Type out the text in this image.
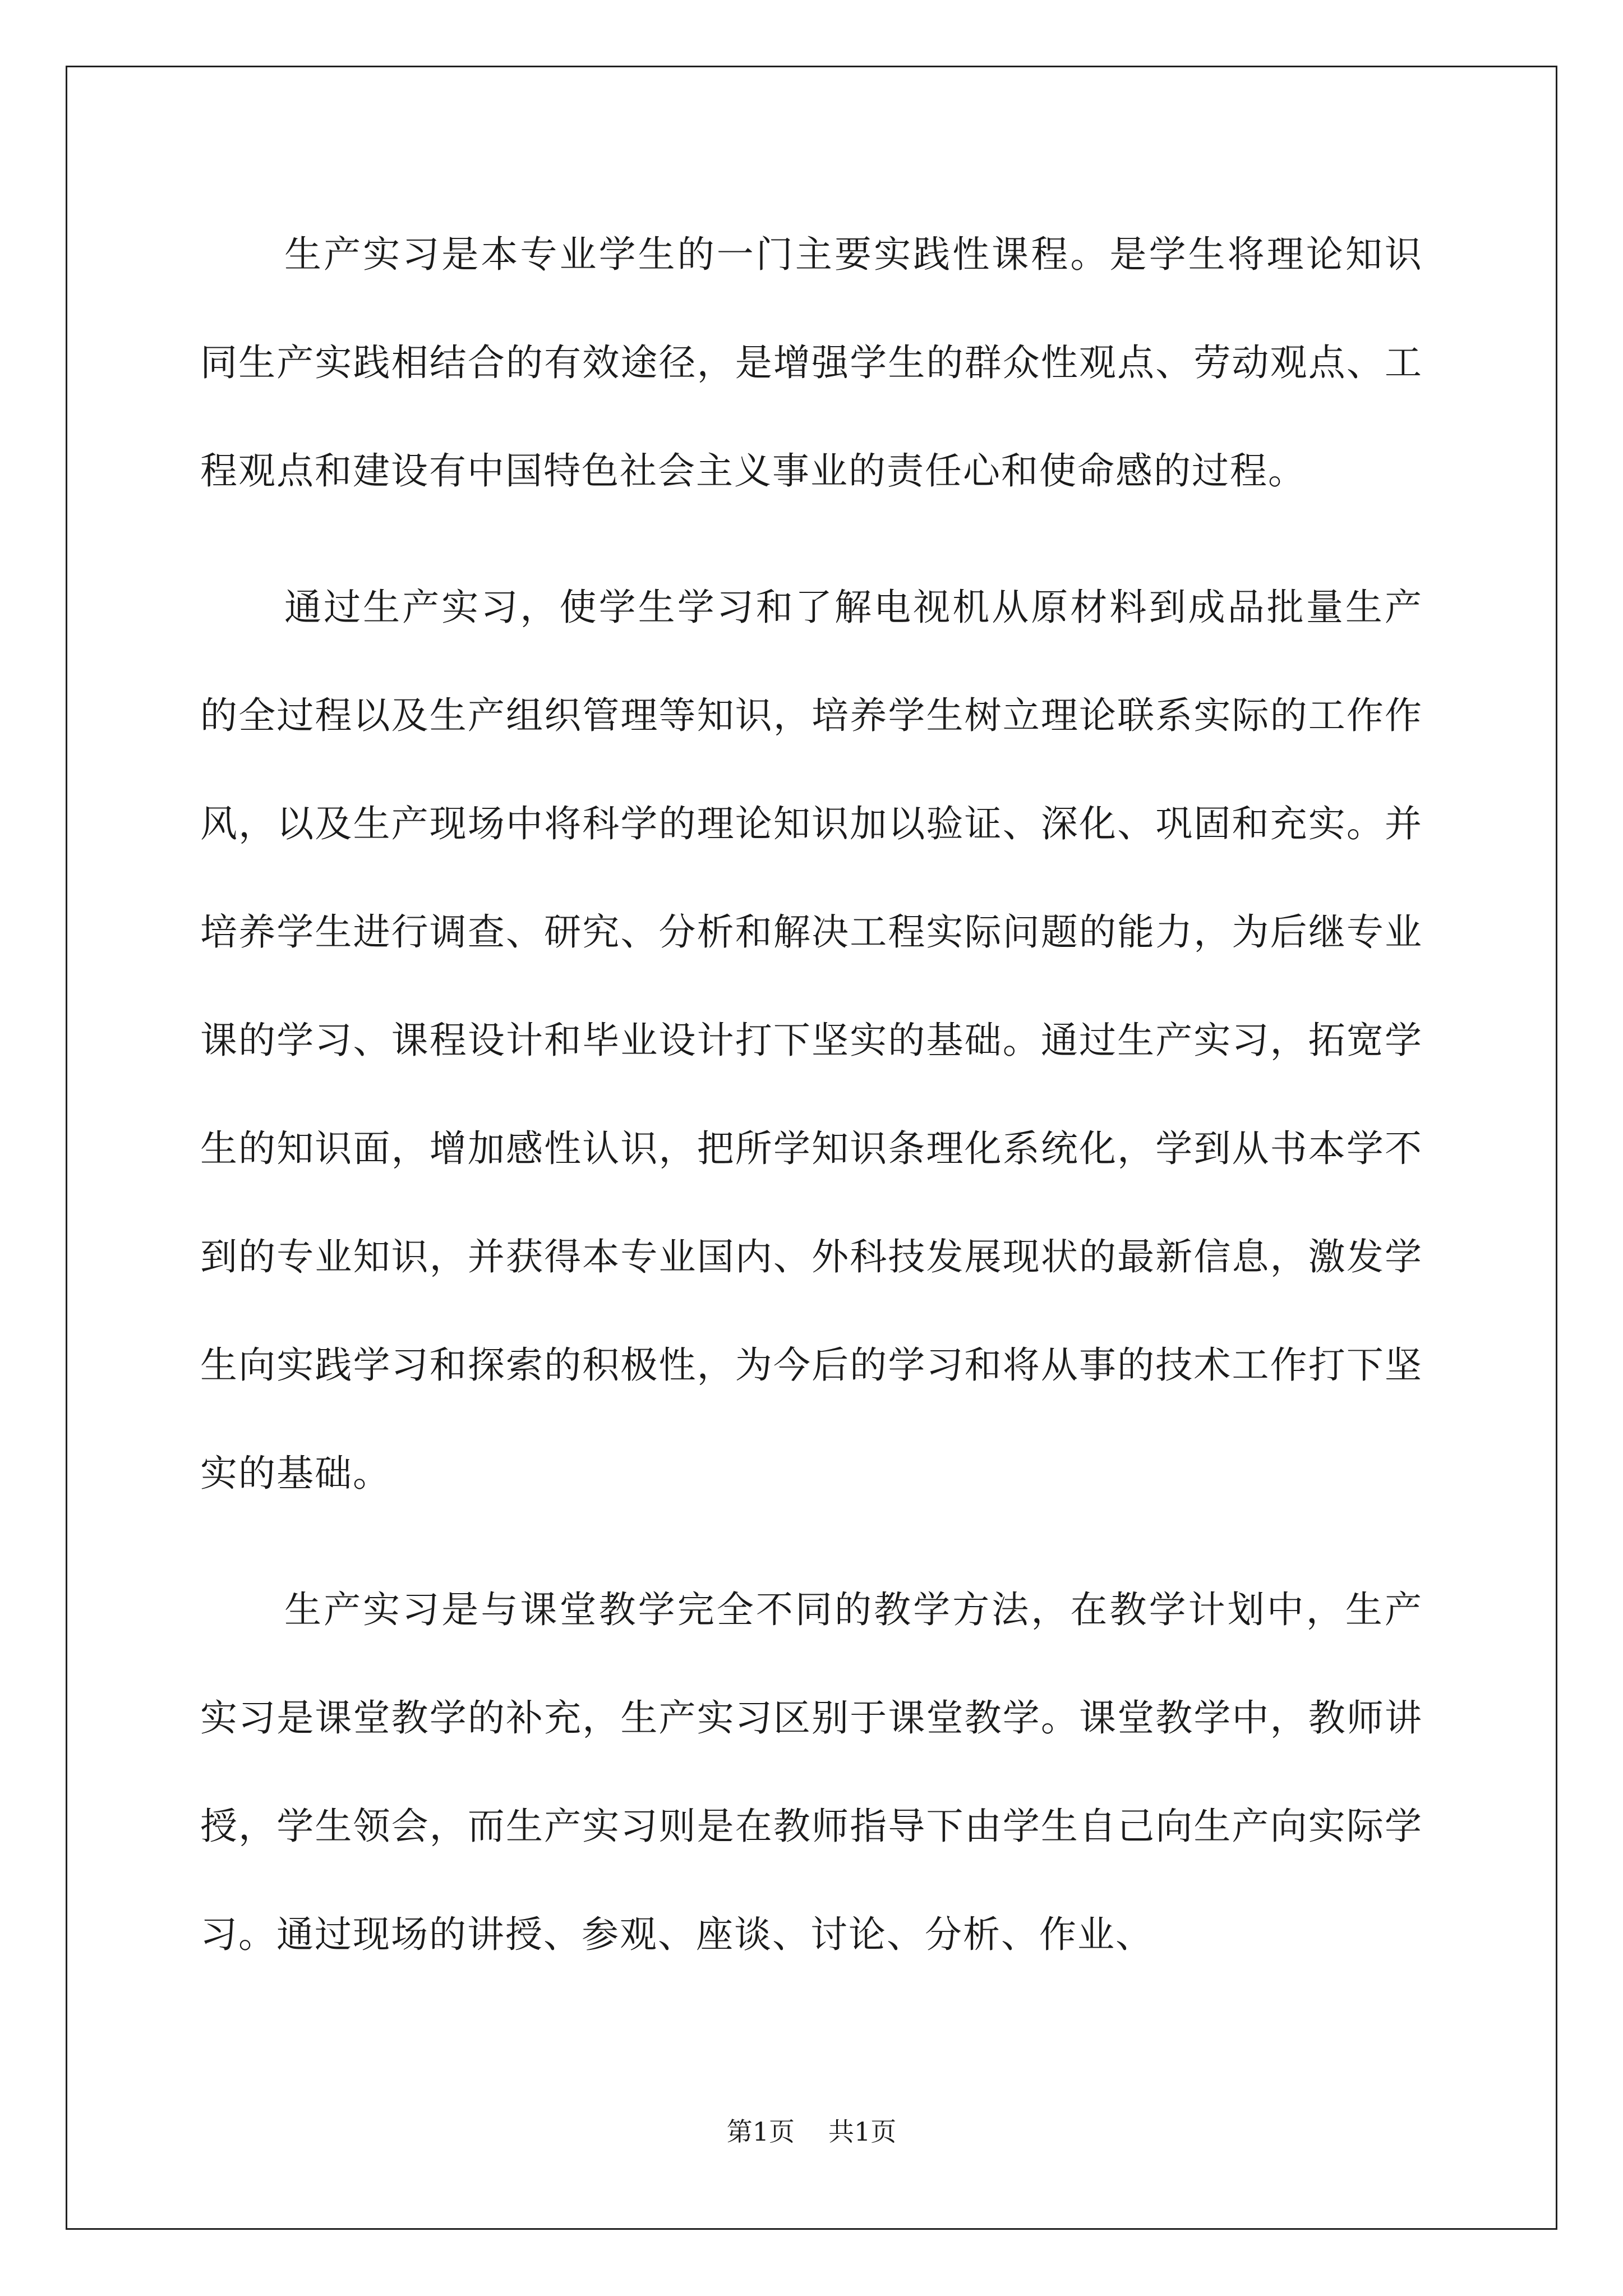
生产实习是本专业学生的一门主要实践性课程。是学生将理论知识同生产实践相结合的有效途径，是增强学生的群众性观点、劳动观点、工程观点和建设有中国特色社会主义事业的责任心和使命感的过程。

通过生产实习，使学生学习和了解电视机从原材料到成品批量生产的全过程以及生产组织管理等知识，培养学生树立理论联系实际的工作作风，以及生产现场中将科学的理论知识加以验证、深化、巩固和充实。并培养学生进行调查、研究、分析和解决工程实际问题的能力，为后继专业课的学习、课程设计和毕业设计打下坚实的基础。通过生产实习，拓宽学生的知识面，增加感性认识，把所学知识条理化系统化，学到从书本学不到的专业知识，并获得本专业国内、外科技发展现状的最新信息，激发学生向实践学习和探索的积极性，为今后的学习和将从事的技术工作打下坚实的基础。

生产实习是与课堂教学完全不同的教学方法，在教学计划中，生产实习是课堂教学的补充，生产实习区别于课堂教学。课堂教学中，教师讲授，学生领会，而生产实习则是在教师指导下由学生自己向生产向实际学习。通过现场的讲授、参观、座谈、讨论、分析、作业、

第1页 共1页
